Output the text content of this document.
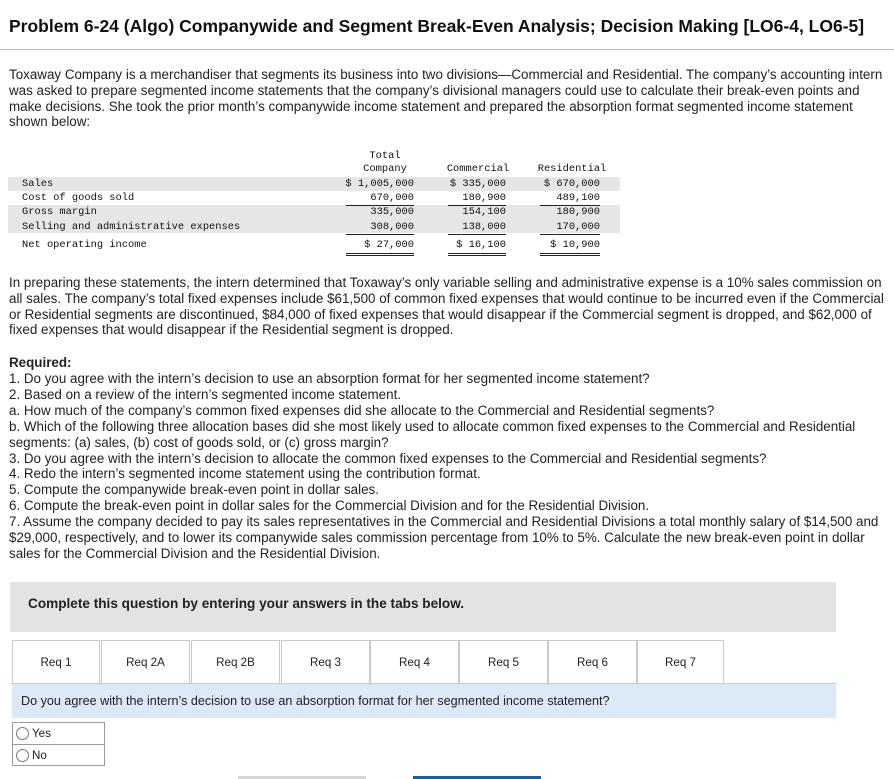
Problem 6-24 (Algo) Companywide and Segment Break-Even Analysis; Decision Making [LO6-4, LO6-5]
Toxaway Company is a merchandiser that segments its business into two divisions—Commercial and Residential. The company’s accounting intern was asked to prepare segmented income statements that the company’s divisional managers could use to calculate their break-even points and make decisions. She took the prior month’s companywide income statement and prepared the absorption format segmented income statement shown below:
Total
Company	Commercial	Residential
Sales	$ 1,005,000	$ 335,000	$ 670,000
Cost of goods sold	670,000	180,900	489,100
Gross margin	335,000	154,100	180,900
Selling and administrative expenses	308,000	138,000	170,000
Net operating income	$ 27,000	$ 16,100	$ 10,900
In preparing these statements, the intern determined that Toxaway’s only variable selling and administrative expense is a 10% sales commission on all sales. The company’s total fixed expenses include $61,500 of common fixed expenses that would continue to be incurred even if the Commercial or Residential segments are discontinued, $84,000 of fixed expenses that would disappear if the Commercial segment is dropped, and $62,000 of fixed expenses that would disappear if the Residential segment is dropped.
Required:
1. Do you agree with the intern’s decision to use an absorption format for her segmented income statement?
2. Based on a review of the intern’s segmented income statement.
a. How much of the company’s common fixed expenses did she allocate to the Commercial and Residential segments?
b. Which of the following three allocation bases did she most likely used to allocate common fixed expenses to the Commercial and Residential segments: (a) sales, (b) cost of goods sold, or (c) gross margin?
3. Do you agree with the intern’s decision to allocate the common fixed expenses to the Commercial and Residential segments?
4. Redo the intern’s segmented income statement using the contribution format.
5. Compute the companywide break-even point in dollar sales.
6. Compute the break-even point in dollar sales for the Commercial Division and for the Residential Division.
7. Assume the company decided to pay its sales representatives in the Commercial and Residential Divisions a total monthly salary of $14,500 and $29,000, respectively, and to lower its companywide sales commission percentage from 10% to 5%. Calculate the new break-even point in dollar sales for the Commercial Division and the Residential Division.
Complete this question by entering your answers in the tabs below.
Req 1	Req 2A	Req 2B	Req 3	Req 4	Req 5	Req 6	Req 7
Do you agree with the intern’s decision to use an absorption format for her segmented income statement?
Yes
No
